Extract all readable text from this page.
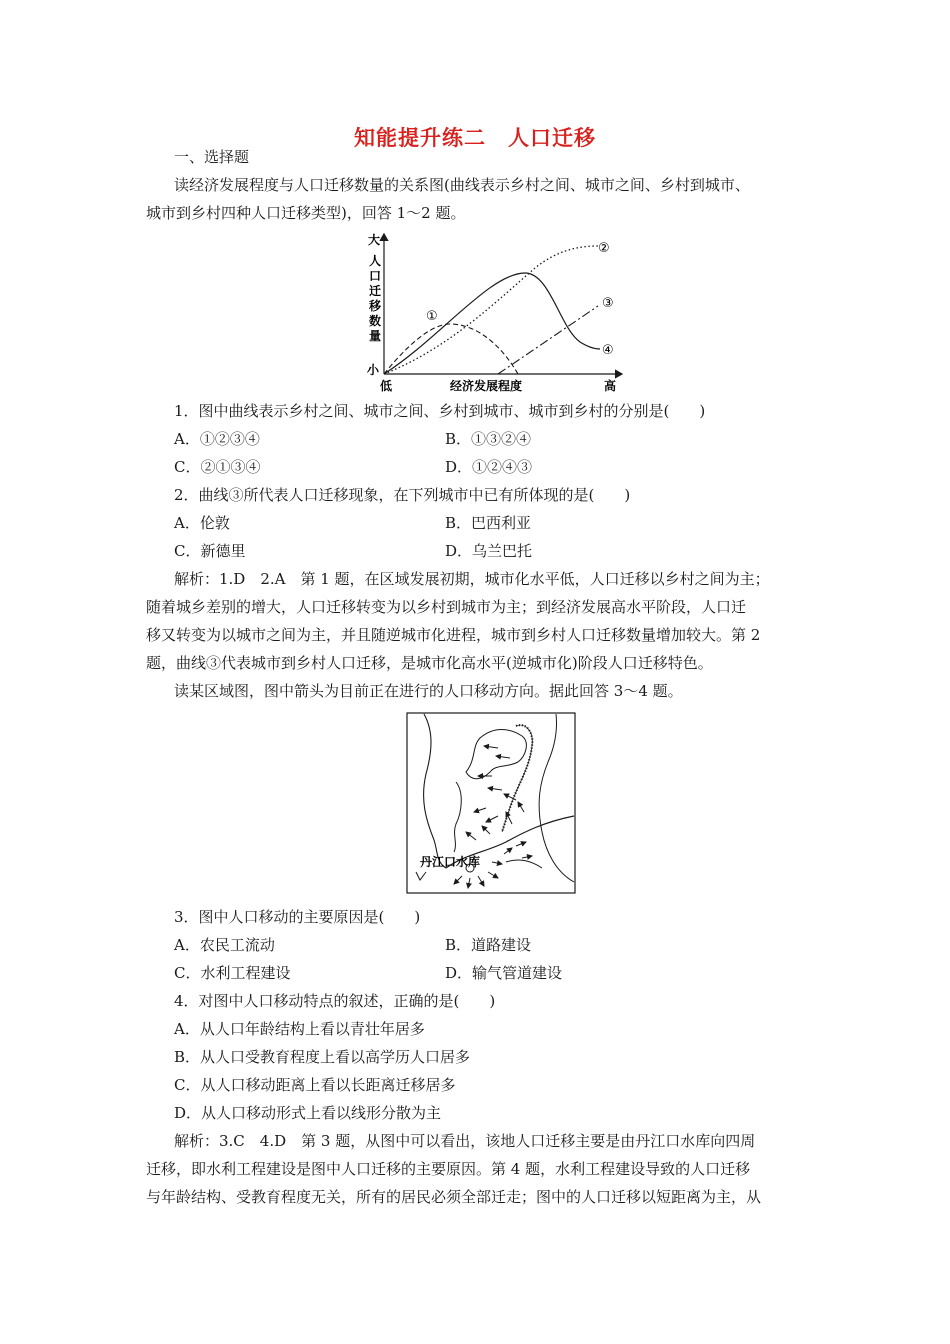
知能提升练二　人口迁移
一、选择题
读经济发展程度与人口迁移数量的关系图(曲线表示乡村之间、城市之间、乡村到城市、
城市到乡村四种人口迁移类型)，回答 1～2 题。
大
小
人
口
迁
移
数
量
低	经济发展程度	高
①
②
③
④
1．图中曲线表示乡村之间、城市之间、乡村到城市、城市到乡村的分别是(　　)
A．①②③④	B．①③②④
C．②①③④	D．①②④③
2．曲线③所代表人口迁移现象，在下列城市中已有所体现的是(　　)
A．伦敦	B．巴西利亚
C．新德里	D．乌兰巴托
解析：1.D　2.A　第 1 题，在区域发展初期，城市化水平低，人口迁移以乡村之间为主；
随着城乡差别的增大，人口迁移转变为以乡村到城市为主；到经济发展高水平阶段，人口迁
移又转变为以城市之间为主，并且随逆城市化进程，城市到乡村人口迁移数量增加较大。第 2
题，曲线③代表城市到乡村人口迁移，是城市化高水平(逆城市化)阶段人口迁移特色。
读某区域图，图中箭头为目前正在进行的人口移动方向。据此回答 3～4 题。
丹江口水库
3．图中人口移动的主要原因是(　　)
A．农民工流动	B．道路建设
C．水利工程建设	D．输气管道建设
4．对图中人口移动特点的叙述，正确的是(　　)
A．从人口年龄结构上看以青壮年居多
B．从人口受教育程度上看以高学历人口居多
C．从人口移动距离上看以长距离迁移居多
D．从人口移动形式上看以线形分散为主
解析：3.C　4.D　第 3 题，从图中可以看出，该地人口迁移主要是由丹江口水库向四周
迁移，即水利工程建设是图中人口迁移的主要原因。第 4 题，水利工程建设导致的人口迁移
与年龄结构、受教育程度无关，所有的居民必须全部迁走；图中的人口迁移以短距离为主，从
